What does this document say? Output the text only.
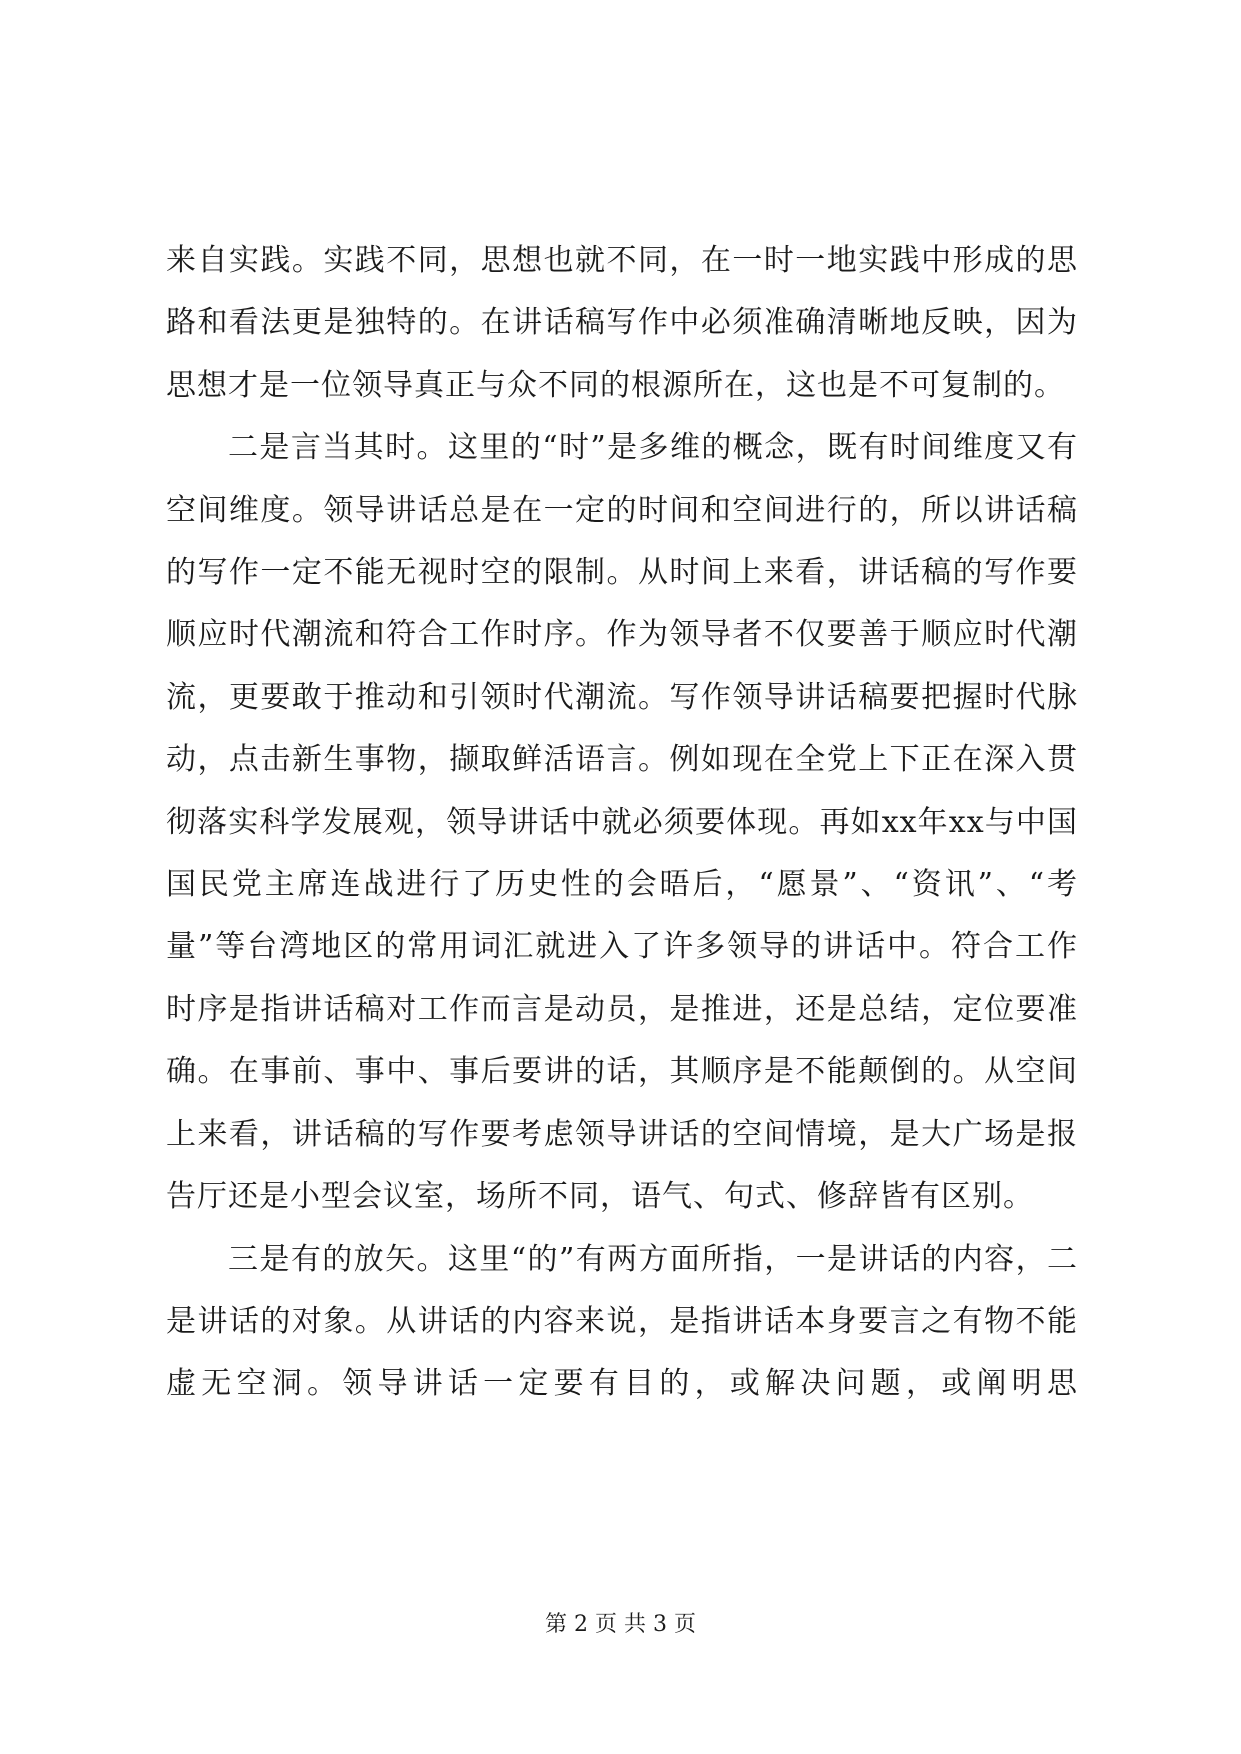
来自实践。实践不同，思想也就不同，在一时一地实践中形成的思路和看法更是独特的。在讲话稿写作中必须准确清晰地反映，因为思想才是一位领导真正与众不同的根源所在，这也是不可复制的。

二是言当其时。这里的“时”是多维的概念，既有时间维度又有空间维度。领导讲话总是在一定的时间和空间进行的，所以讲话稿的写作一定不能无视时空的限制。从时间上来看，讲话稿的写作要顺应时代潮流和符合工作时序。作为领导者不仅要善于顺应时代潮流，更要敢于推动和引领时代潮流。写作领导讲话稿要把握时代脉动，点击新生事物，撷取鲜活语言。例如现在全党上下正在深入贯彻落实科学发展观，领导讲话中就必须要体现。再如xx年xx与中国国民党主席连战进行了历史性的会晤后，“愿景”、“资讯”、“考量”等台湾地区的常用词汇就进入了许多领导的讲话中。符合工作时序是指讲话稿对工作而言是动员，是推进，还是总结，定位要准确。在事前、事中、事后要讲的话，其顺序是不能颠倒的。从空间上来看，讲话稿的写作要考虑领导讲话的空间情境，是大广场是报告厅还是小型会议室，场所不同，语气、句式、修辞皆有区别。

三是有的放矢。这里“的”有两方面所指，一是讲话的内容，二是讲话的对象。从讲话的内容来说，是指讲话本身要言之有物不能虚无空洞。领导讲话一定要有目的，或解决问题，或阐明思

第 2 页 共 3 页
